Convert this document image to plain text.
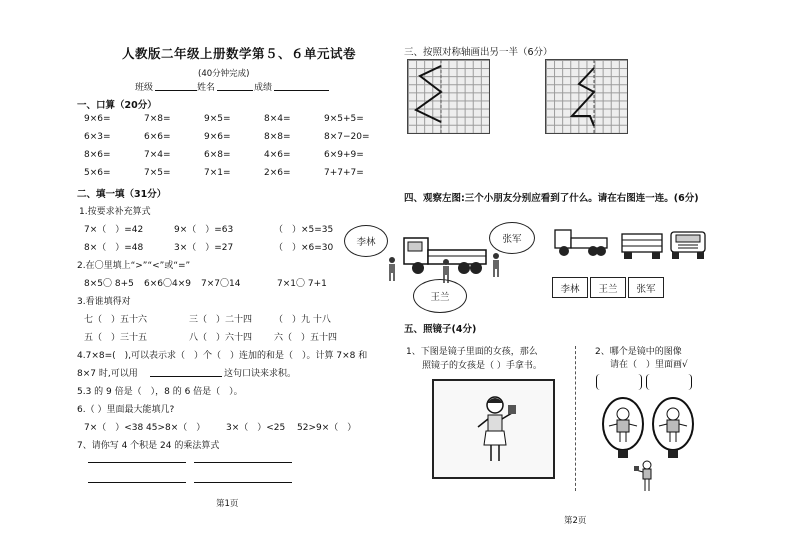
人教版二年级上册数学第５、６单元试卷
(40分钟完成)
班级	姓名	成绩
一、口算（20分）
9×6=	7×8=	9×5=	8×4=	9×5+5=
6×3=	6×6=	9×6=	8×8=	8×7−20=
8×6=	7×4=	6×8=	4×6=	6×9+9=
5×6=	7×5=	7×1=	2×6=	7+7+7=
二、填一填（31分）
1.按要求补充算式
7×（　）=42	9×（　）=63	（　）×5=35
8×（　）=48	3×（　）=27	（　）×6=30
2.在〇里填上“>”“<”或“=”
8×5〇 8+5 6×6〇4×9 7×7〇14	7×1〇 7+1
3.看谁填得对
七（　）五十六	三（　）二十四 （　）九 十八
五（　）三十五	八（　）六十四 六（　）五十四
4.7×8=(　),可以表示求（　）个（　）连加的和是（　）。计算 7×8 和
8×7 时,可以用	这句口诀来求积。
5.3 的 9 倍是（　），8 的 6 倍是（　）。
6.（ ）里面最大能填几?
7×（　）<38 45>8×（　） 3×（　）<25 52>9×（　）
7、请你写 4 个积是 24 的乘法算式
第1页
三、按照对称轴画出另一半（6分）
四、观察左图:三个小朋友分别应看到了什么。请在右图连一连。(6分)
李林	张军
王兰
李林	王兰	张军
五、照镜子(4分)
1、下图是镜子里面的女孩，那么
照镜子的女孩是（ ）手拿书。
2、哪个是镜中的图像
请在（　）里面画√
第2页
